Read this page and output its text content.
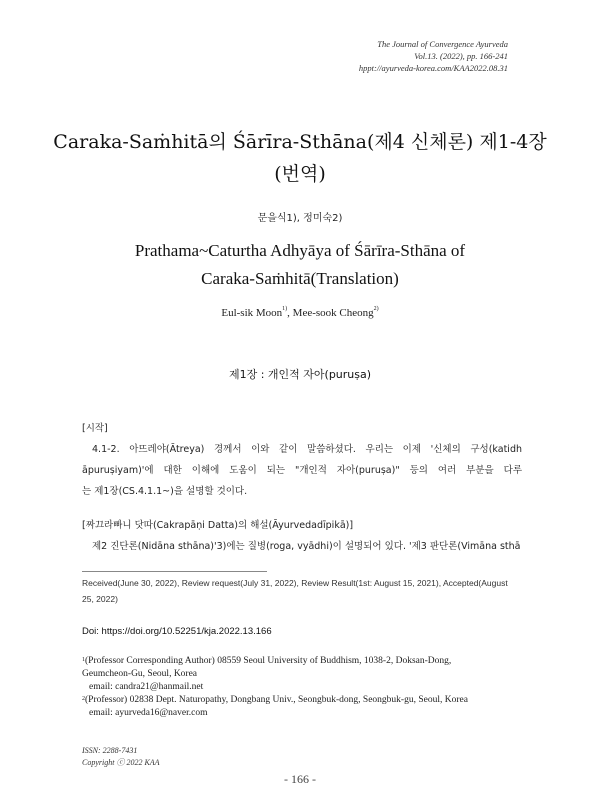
The Journal of Convergence Ayurveda
Vol.13. (2022), pp. 166-241
hppt://ayurveda-korea.com/KAA2022.08.31
Caraka-Saṁhitā의 Śārīra-Sthāna(제4 신체론) 제1-4장
(번역)
문을식1), 정미숙2)
Prathama~Caturtha Adhyāya of Śārīra-Sthāna of
Caraka-Saṁhitā(Translation)
Eul-sik Moon$^{1)}$, Mee-sook Cheong$^{2)}$
제1장 : 개인적 자아(puruṣa)
[시작]
4.1-2. 아뜨레야(Ātreya) 경께서 이와 같이 말씀하셨다. 우리는 이제 '신체의 구성(katidh
āpuruṣiyam)'에 대한 이해에 도움이 되는 "개인적 자아(puruṣa)" 등의 여러 부분을 다루
는 제1장(CS.4.1.1~)을 설명할 것이다.
[짜끄라빠니 닷따(Cakrapāṇi Datta)의 해설(Āyurvedadīpikā)]
제2 진단론(Nidāna sthāna)'3)에는 질병(roga, vyādhi)이 설명되어 있다. '제3 판단론(Vimāna sthā
Received(June 30, 2022), Review request(July 31, 2022), Review Result(1st: August 15, 2021), Accepted(August
25, 2022)
Doi: https://doi.org/10.52251/kja.2022.13.166
$^1$(Professor Corresponding Author) 08559 Seoul University of Buddhism, 1038-2, Doksan-Dong,
Geumcheon-Gu, Seoul, Korea
email: candra21@hanmail.net
$^2$(Professor) 02838 Dept. Naturopathy, Dongbang Univ., Seongbuk-dong, Seongbuk-gu, Seoul, Korea
email: ayurveda16@naver.com
ISSN: 2288-7431
Copyright ⓒ 2022 KAA
- 166 -
